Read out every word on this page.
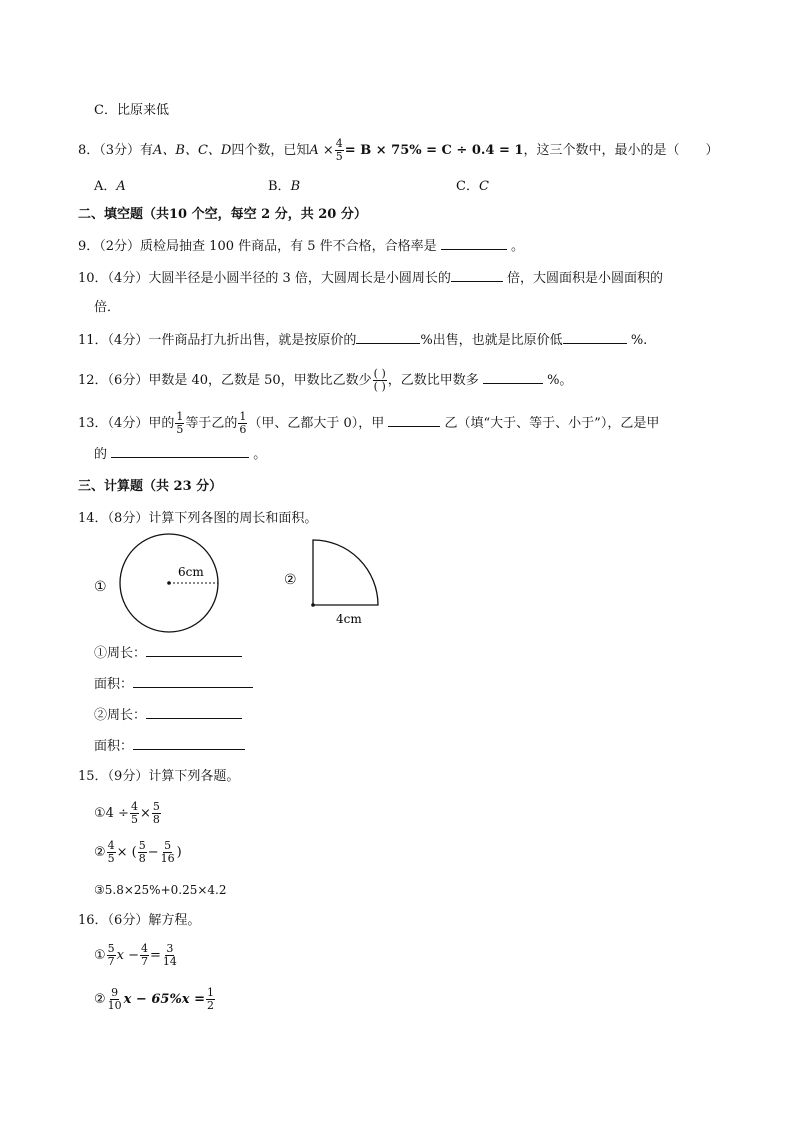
C．比原来低
8．（3分）有A、B、C、D四个数，已知$A \times \frac{4}{5} = B \times 75\% = C \div 0.4 = 1$，这三个数中，最小的是（　　）
A．A	B．B	C．C
二、填空题（共10 个空，每空 2 分，共 20 分）
9．（2分）质检局抽查 100 件商品，有 5 件不合格，合格率是	。
10．（4分）大圆半径是小圆半径的 3 倍，大圆周长是小圆周长的	倍，大圆面积是小圆面积的
倍．
11．（4分）一件商品打九折出售，就是按原价的	%出售，也就是比原价低	%.
12．（6分）甲数是 40，乙数是 50，甲数比乙数少 $\frac{( )}{( )}$ ，乙数比甲数多	%。
13．（4分）甲的 $\frac{1}{5}$ 等于乙的 $\frac{1}{6}$ （甲、乙都大于 0），甲	乙（填“大于、等于、小于”），乙是甲
的	。
三、计算题（共 23 分）
14．（8分）计算下列各图的周长和面积。
①
6cm	②
4cm
①周长：
面积：
②周长：
面积：
15．（9分）计算下列各题。
①4 ÷ $\frac{4}{5} \times \frac{5}{8}$
② $\frac{4}{5}$ × ( $\frac{5}{8} - \frac{5}{16}$ )
③5.8×25%+0.25×4.2
16．（6分）解方程。
① $\frac{5}{7}$ $x - \frac{4}{7} = \frac{3}{14}$
② $\frac{9}{10}$ $x - 65\%x = \frac{1}{2}$
